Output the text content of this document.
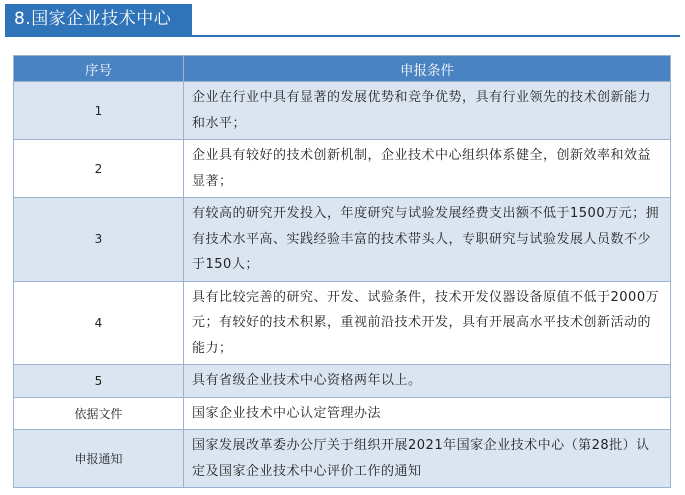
8.国家企业技术中心
序号	申报条件
1	企业在行业中具有显著的发展优势和竞争优势，具有行业领先的技术创新能力和水平；
2	企业具有较好的技术创新机制，企业技术中心组织体系健全，创新效率和效益显著；
3	有较高的研究开发投入，年度研究与试验发展经费支出额不低于1500万元；拥有技术水平高、实践经验丰富的技术带头人，专职研究与试验发展人员数不少于150人；
4	具有比较完善的研究、开发、试验条件，技术开发仪器设备原值不低于2000万元；有较好的技术积累，重视前沿技术开发，具有开展高水平技术创新活动的能力；
5	具有省级企业技术中心资格两年以上。
依据文件	国家企业技术中心认定管理办法
申报通知	国家发展改革委办公厅关于组织开展2021年国家企业技术中心（第28批）认定及国家企业技术中心评价工作的通知
